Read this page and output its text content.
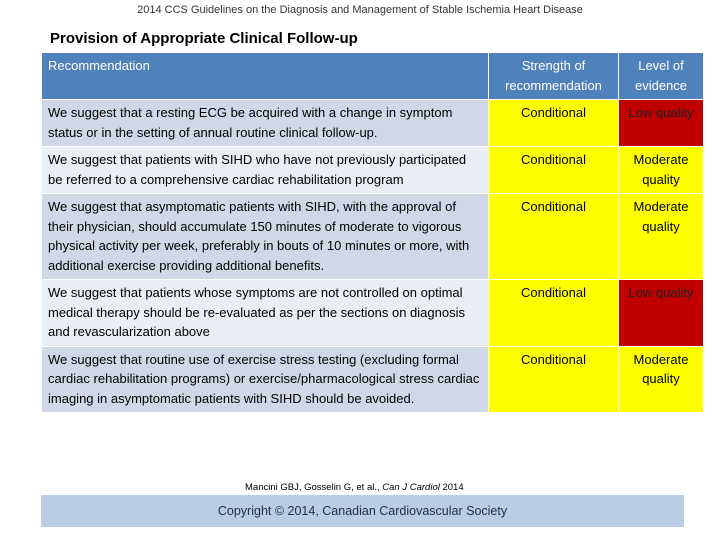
2014 CCS Guidelines on the Diagnosis and Management of Stable Ischemia Heart Disease
Provision of Appropriate Clinical Follow-up
Recommendation	Strength of recommendation	Level of evidence
We suggest that a resting ECG be acquired with a change in symptom status or in the setting of annual routine clinical follow-up.	Conditional	Low quality
We suggest that patients with SIHD who have not previously participated be referred to a comprehensive cardiac rehabilitation program	Conditional	Moderate quality
We suggest that asymptomatic patients with SIHD, with the approval of their physician, should accumulate 150 minutes of moderate to vigorous physical activity per week, preferably in bouts of 10 minutes or more, with additional exercise providing additional benefits.	Conditional	Moderate quality
We suggest that patients whose symptoms are not controlled on optimal medical therapy should be re-evaluated as per the sections on diagnosis and revascularization above	Conditional	Low quality
We suggest that routine use of exercise stress testing (excluding formal cardiac rehabilitation programs) or exercise/pharmacological stress cardiac imaging in asymptomatic patients with SIHD should be avoided.	Conditional	Moderate quality
Mancini GBJ, Gosselin G, et al., Can J Cardiol 2014
Copyright © 2014, Canadian Cardiovascular Society
